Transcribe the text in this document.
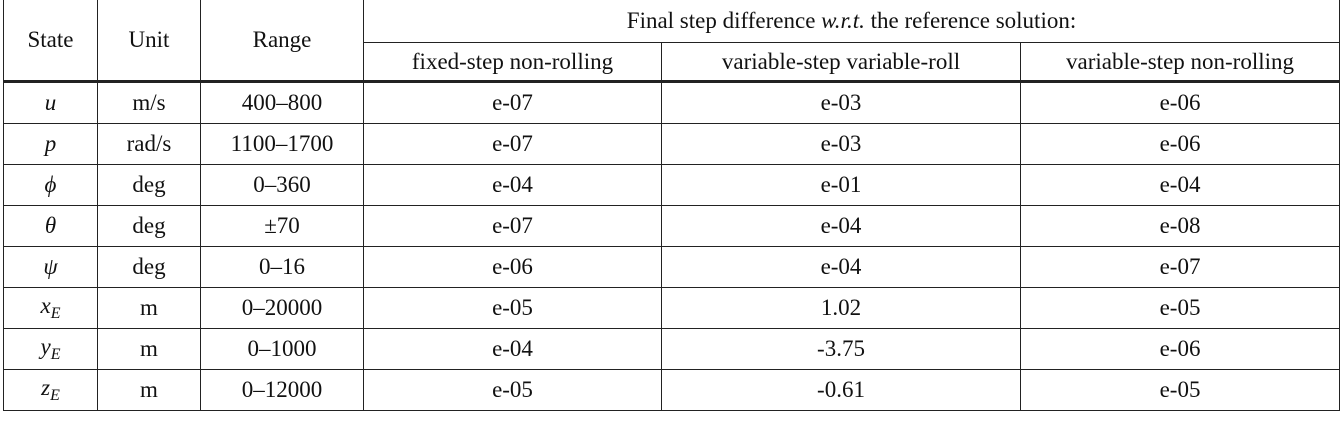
State	Unit	Range	Final step difference w.r.t. the reference solution:		
			fixed-step non-rolling	variable-step variable-roll	variable-step non-rolling
u	m/s	400–800	e-07	e-03	e-06
p	rad/s	1100–1700	e-07	e-03	e-06
ϕ	deg	0–360	e-04	e-01	e-04
θ	deg	±70	e-07	e-04	e-08
ψ	deg	0–16	e-06	e-04	e-07
$x_E$	m	0–20000	e-05	1.02	e-05
$y_E$	m	0–1000	e-04	-3.75	e-06
$z_E$	m	0–12000	e-05	-0.61	e-05
